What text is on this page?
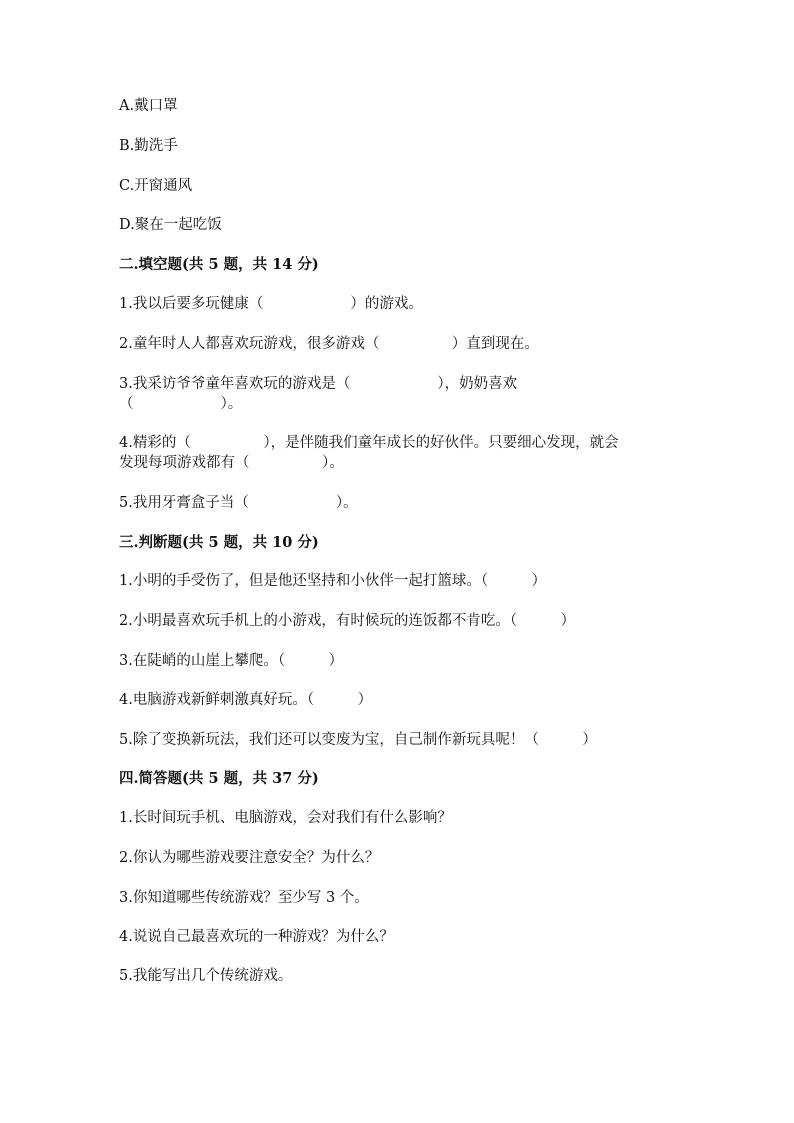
A.戴口罩
B.勤洗手
C.开窗通风
D.聚在一起吃饭
二.填空题(共 5 题，共 14 分)
1.我以后要多玩健康（　　　　　　）的游戏。
2.童年时人人都喜欢玩游戏，很多游戏（　　　　　）直到现在。
3.我采访爷爷童年喜欢玩的游戏是（　　　　　　），奶奶喜欢
（　　　　　　）。
4.精彩的（　　　　　），是伴随我们童年成长的好伙伴。只要细心发现，就会
发现每项游戏都有（　　　　　）。
5.我用牙膏盒子当（　　　　　　）。
三.判断题(共 5 题，共 10 分)
1.小明的手受伤了，但是他还坚持和小伙伴一起打篮球。（　　　）
2.小明最喜欢玩手机上的小游戏，有时候玩的连饭都不肯吃。（　　　）
3.在陡峭的山崖上攀爬。（　　　）
4.电脑游戏新鲜刺激真好玩。（　　　）
5.除了变换新玩法，我们还可以变废为宝，自己制作新玩具呢！（　　　）
四.简答题(共 5 题，共 37 分)
1.长时间玩手机、电脑游戏，会对我们有什么影响？
2.你认为哪些游戏要注意安全？为什么？
3.你知道哪些传统游戏？至少写 3 个。
4.说说自己最喜欢玩的一种游戏？为什么？
5.我能写出几个传统游戏。
